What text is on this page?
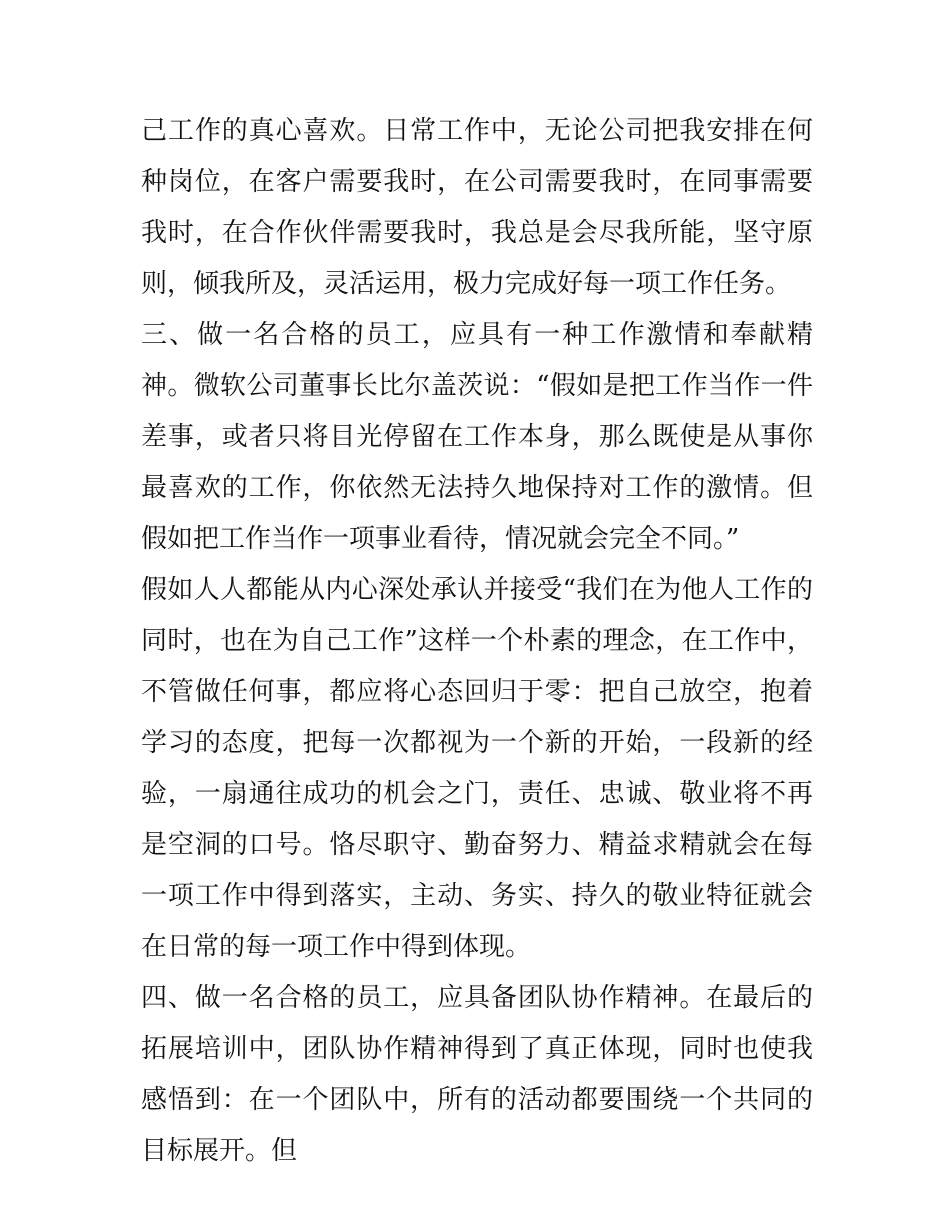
己工作的真心喜欢。日常工作中，无论公司把我安排在何种岗位，在客户需要我时，在公司需要我时，在同事需要我时，在合作伙伴需要我时，我总是会尽我所能，坚守原则，倾我所及，灵活运用，极力完成好每一项工作任务。

三、做一名合格的员工，应具有一种工作激情和奉献精神。微软公司董事长比尔盖茨说：“假如是把工作当作一件差事，或者只将目光停留在工作本身，那么既使是从事你最喜欢的工作，你依然无法持久地保持对工作的激情。但假如把工作当作一项事业看待，情况就会完全不同。”

假如人人都能从内心深处承认并接受“我们在为他人工作的同时，也在为自己工作”这样一个朴素的理念，在工作中，不管做任何事，都应将心态回归于零：把自己放空，抱着学习的态度，把每一次都视为一个新的开始，一段新的经验，一扇通往成功的机会之门，责任、忠诚、敬业将不再是空洞的口号。恪尽职守、勤奋努力、精益求精就会在每一项工作中得到落实，主动、务实、持久的敬业特征就会在日常的每一项工作中得到体现。

四、做一名合格的员工，应具备团队协作精神。在最后的拓展培训中，团队协作精神得到了真正体现，同时也使我感悟到：在一个团队中，所有的活动都要围绕一个共同的目标展开。但
